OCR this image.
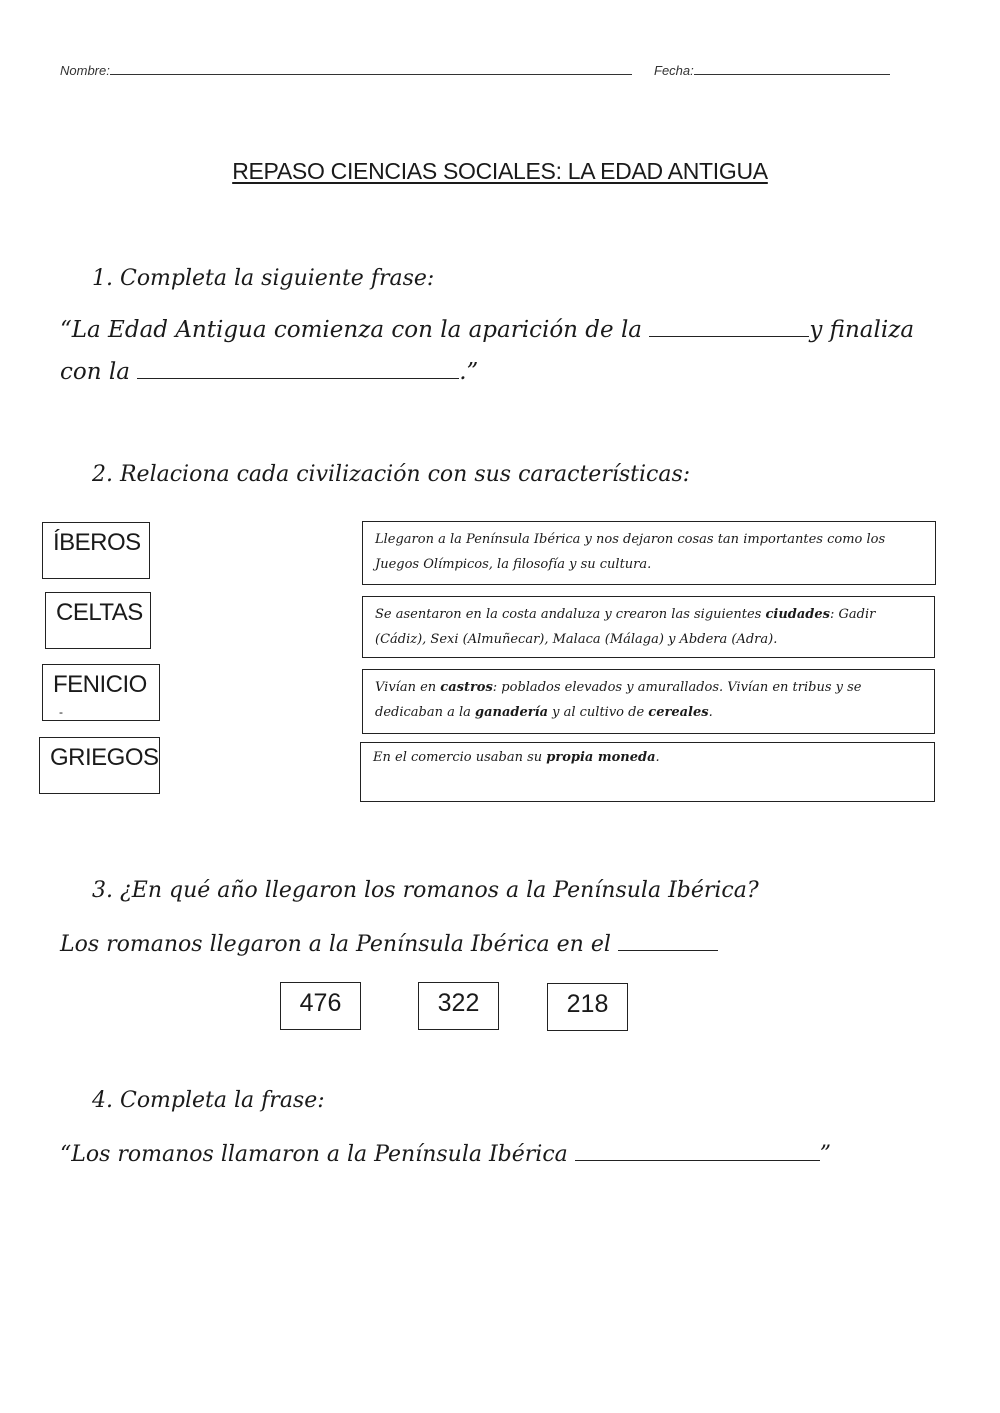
Nombre:	Fecha:
REPASO CIENCIAS SOCIALES: LA EDAD ANTIGUA
1. Completa la siguiente frase:
“La Edad Antigua comienza con la aparición de la	y finaliza
con la	.”
2. Relaciona cada civilización con sus características:
ÍBEROS
CELTAS
FENICIO
-
GRIEGOS
Llegaron a la Península Ibérica y nos dejaron cosas tan importantes como los Juegos Olímpicos, la filosofía y su cultura.
Se asentaron en la costa andaluza y crearon las siguientes ciudades: Gadir (Cádiz), Sexi (Almuñecar), Malaca (Málaga) y Abdera (Adra).
Vivían en castros: poblados elevados y amurallados. Vivían en tribus y se dedicaban a la ganadería y al cultivo de cereales.
En el comercio usaban su propia moneda.
3. ¿En qué año llegaron los romanos a la Península Ibérica?
Los romanos llegaron a la Península Ibérica en el
476	322	218
4. Completa la frase:
“Los romanos llamaron a la Península Ibérica	”
